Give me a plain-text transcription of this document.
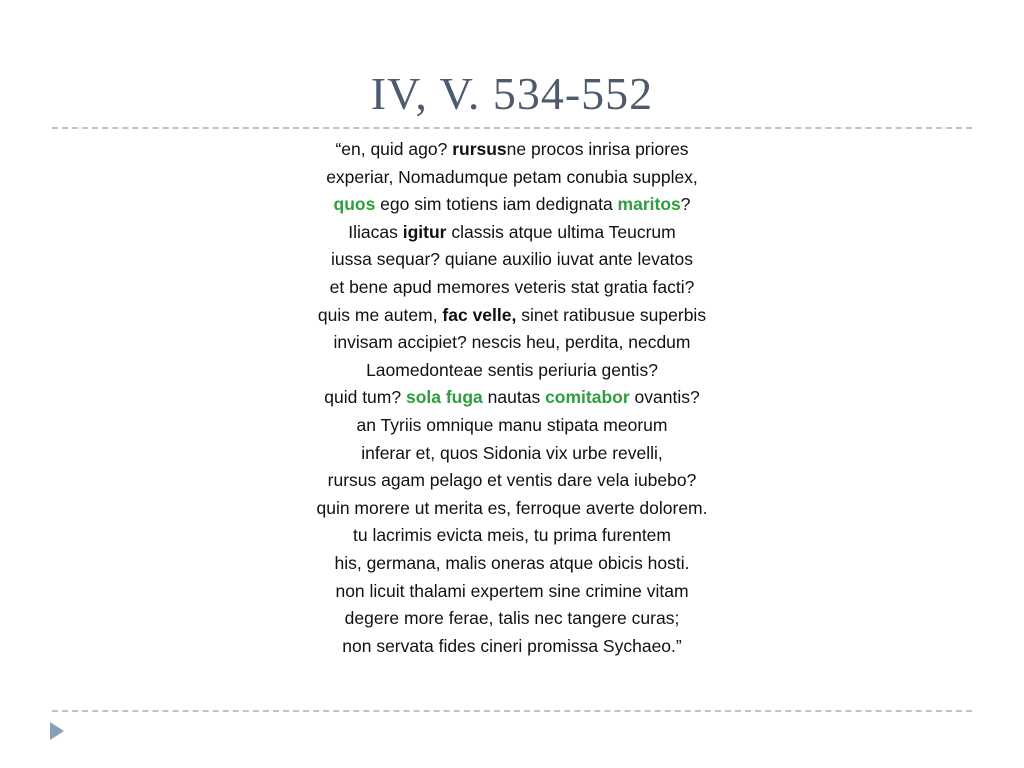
IV, V. 534-552
“en, quid ago? rursusne procos inrisa priores
experiar, Nomadumque petam conubia supplex,
quos ego sim totiens iam dedignata maritos?
Iliacas igitur classis atque ultima Teucrum
iussa sequar? quiane auxilio iuvat ante levatos
et bene apud memores veteris stat gratia facti?
quis me autem, fac velle, sinet ratibusue superbis
invisam accipiet? nescis heu, perdita, necdum
Laomedonteae sentis periuria gentis?
quid tum? sola fuga nautas comitabor ovantis?
an Tyriis omnique manu stipata meorum
inferar et, quos Sidonia vix urbe revelli,
rursus agam pelago et ventis dare vela iubebo?
quin morere ut merita es, ferroque averte dolorem.
tu lacrimis evicta meis, tu prima furentem
his, germana, malis oneras atque obicis hosti.
non licuit thalami expertem sine crimine vitam
degere more ferae, talis nec tangere curas;
non servata fides cineri promissa Sychaeo.”
